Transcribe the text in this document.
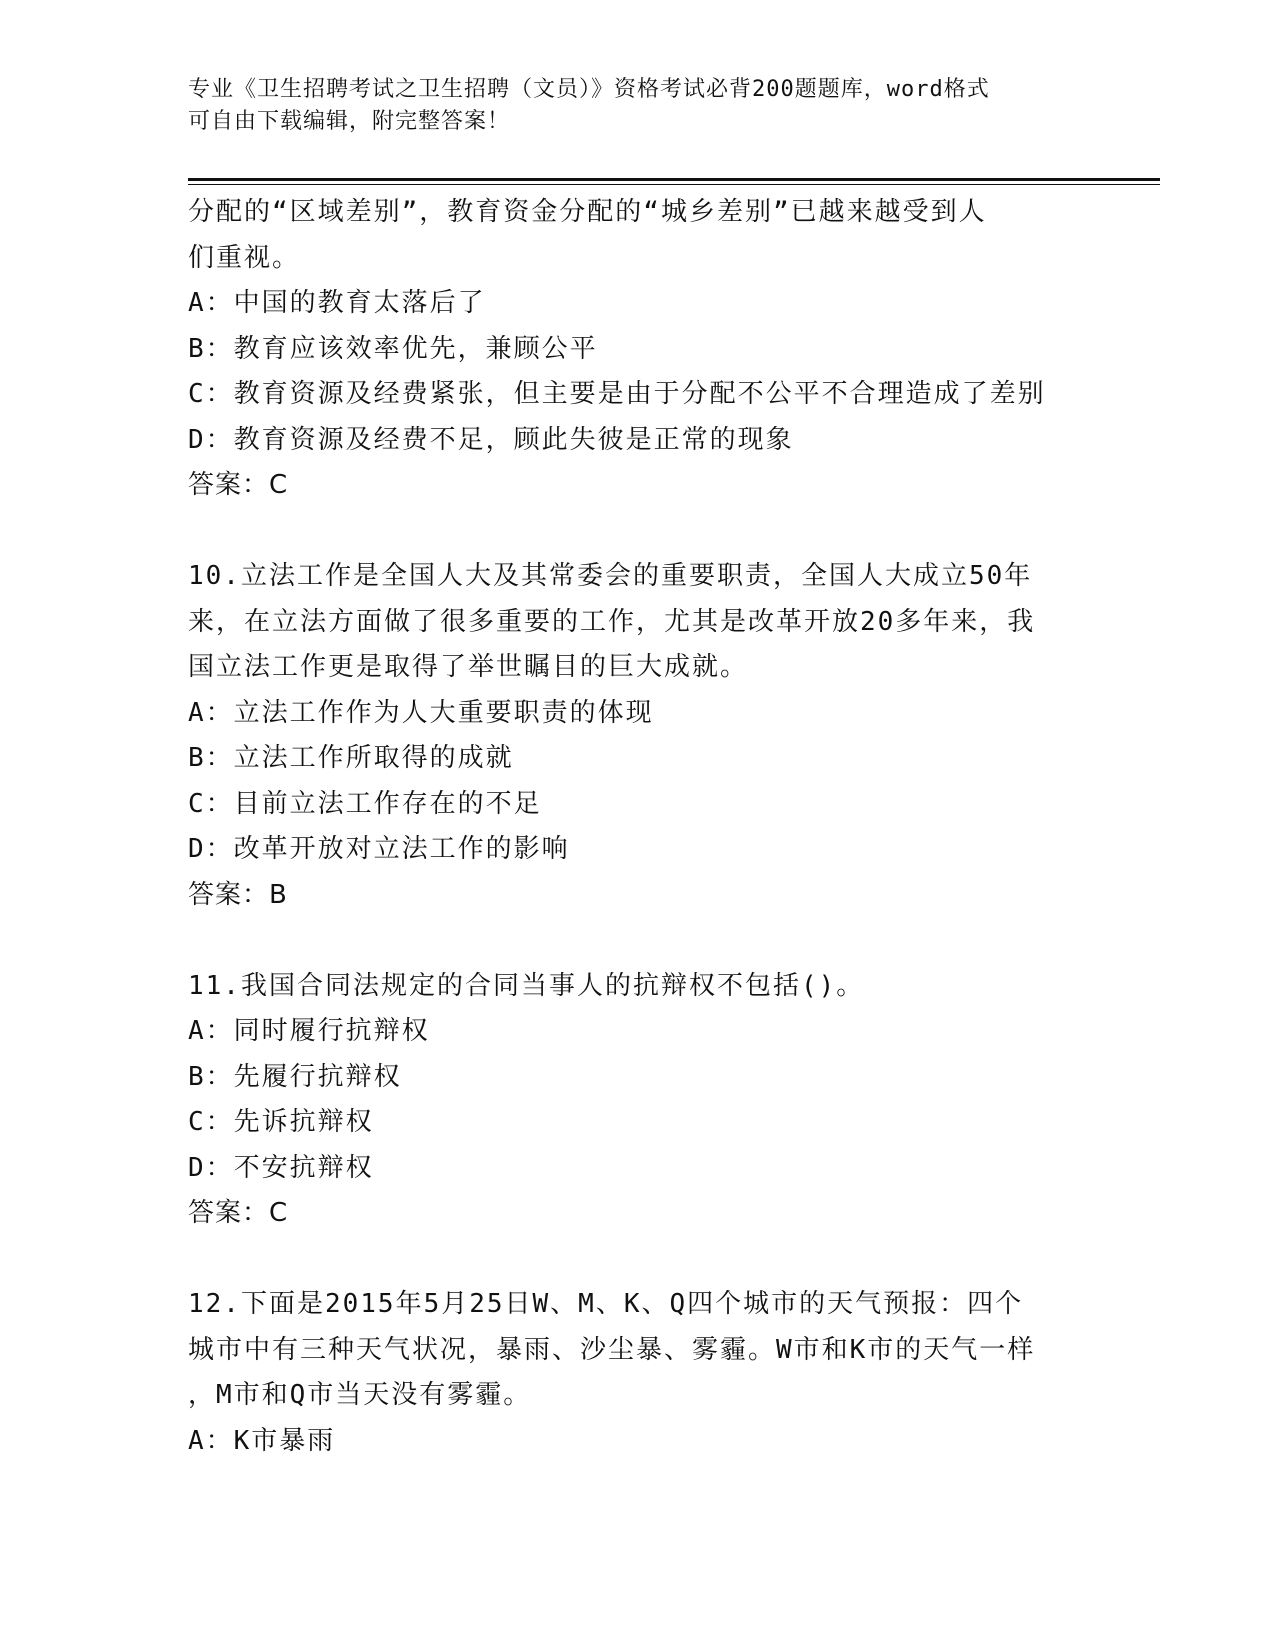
专业《卫生招聘考试之卫生招聘（文员）》资格考试必背200题题库，word格式
可自由下载编辑，附完整答案！
分配的“区域差别”，教育资金分配的“城乡差别”已越来越受到人
们重视。
A：中国的教育太落后了
B：教育应该效率优先，兼顾公平
C：教育资源及经费紧张，但主要是由于分配不公平不合理造成了差别
D：教育资源及经费不足，顾此失彼是正常的现象
答案：C
10.立法工作是全国人大及其常委会的重要职责，全国人大成立50年
来，在立法方面做了很多重要的工作，尤其是改革开放20多年来，我
国立法工作更是取得了举世瞩目的巨大成就。
A：立法工作作为人大重要职责的体现
B：立法工作所取得的成就
C：目前立法工作存在的不足
D：改革开放对立法工作的影响
答案：B
11.我国合同法规定的合同当事人的抗辩权不包括()。
A：同时履行抗辩权
B：先履行抗辩权
C：先诉抗辩权
D：不安抗辩权
答案：C
12.下面是2015年5月25日W、M、K、Q四个城市的天气预报：四个
城市中有三种天气状况，暴雨、沙尘暴、雾霾。W市和K市的天气一样
，M市和Q市当天没有雾霾。
A：K市暴雨
